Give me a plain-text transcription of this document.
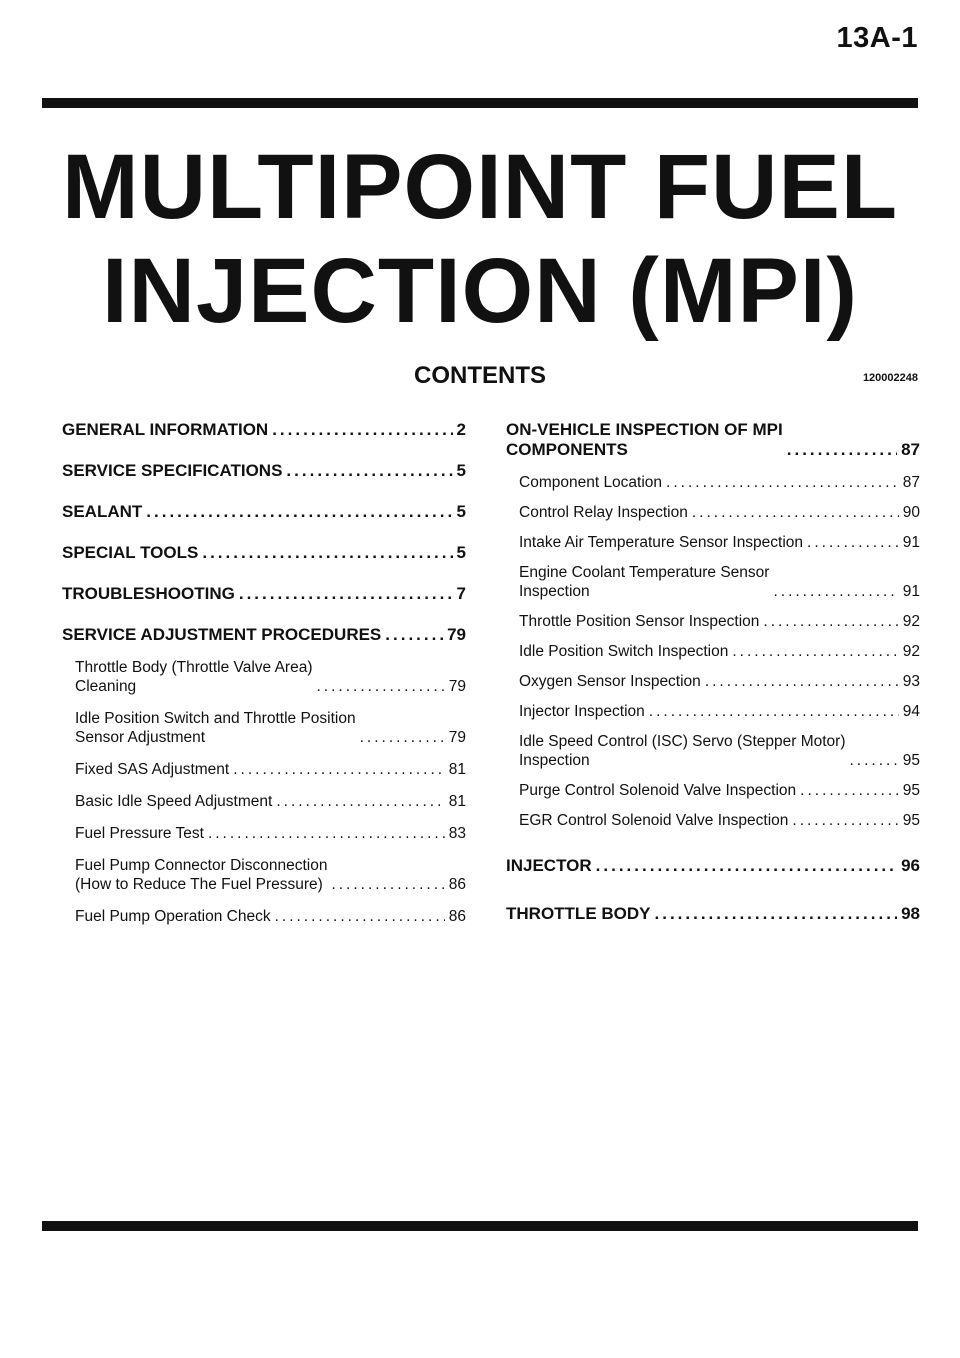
13A-1
MULTIPOINT FUEL
INJECTION (MPI)
CONTENTS	120002248
GENERAL INFORMATION .....	2
SERVICE SPECIFICATIONS .....	5
SEALANT .....	5
SPECIAL TOOLS .....	5
TROUBLESHOOTING .....	7
SERVICE ADJUSTMENT PROCEDURES .....	79
Throttle Body (Throttle Valve Area)
Cleaning .....	79
Idle Position Switch and Throttle Position
Sensor Adjustment .....	79
Fixed SAS Adjustment .....	81
Basic Idle Speed Adjustment .....	81
Fuel Pressure Test .....	83
Fuel Pump Connector Disconnection
(How to Reduce The Fuel Pressure) .....	86
Fuel Pump Operation Check .....	86
ON-VEHICLE INSPECTION OF MPI
COMPONENTS .....	87
Component Location .....	87
Control Relay Inspection .....	90
Intake Air Temperature Sensor Inspection .....	91
Engine Coolant Temperature Sensor
Inspection .....	91
Throttle Position Sensor Inspection .....	92
Idle Position Switch Inspection .....	92
Oxygen Sensor Inspection .....	93
Injector Inspection .....	94
Idle Speed Control (ISC) Servo (Stepper Motor)
Inspection .....	95
Purge Control Solenoid Valve Inspection .....	95
EGR Control Solenoid Valve Inspection .....	95
INJECTOR .....	96
THROTTLE BODY .....	98
